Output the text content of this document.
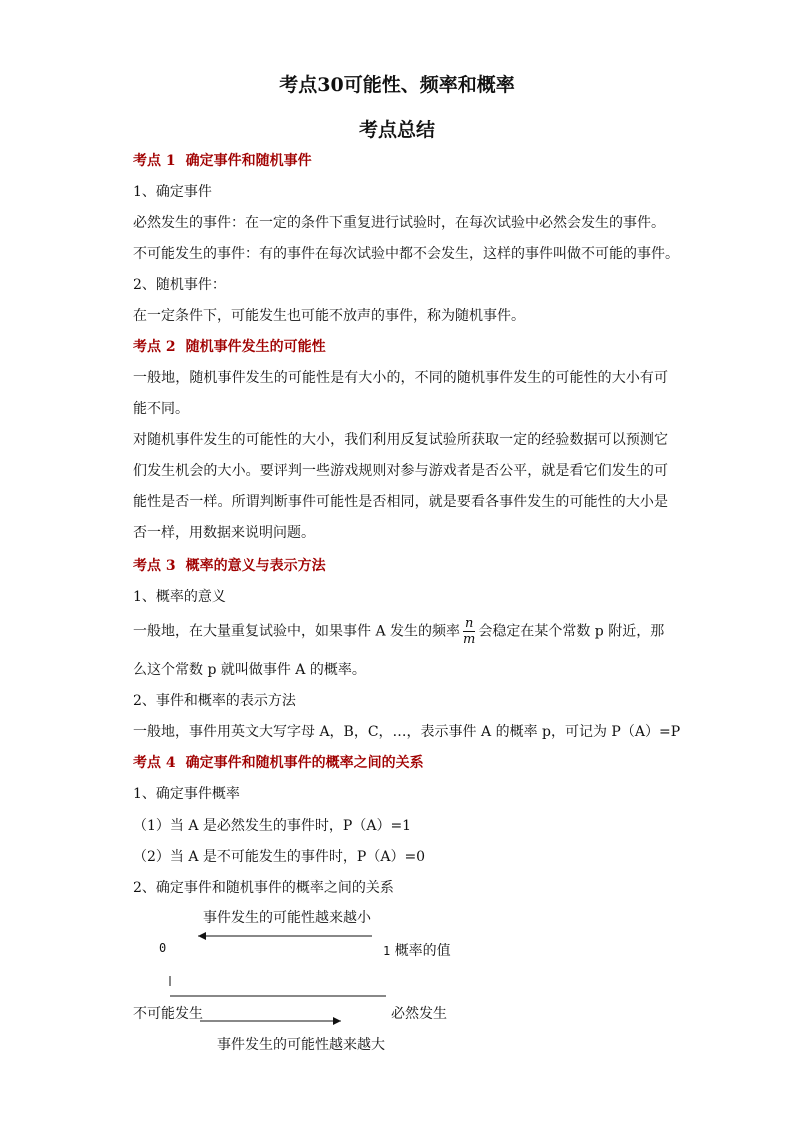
考点30可能性、频率和概率
考点总结
考点 1 确定事件和随机事件
1、确定事件
必然发生的事件：在一定的条件下重复进行试验时，在每次试验中必然会发生的事件。
不可能发生的事件：有的事件在每次试验中都不会发生，这样的事件叫做不可能的事件。
2、随机事件：
在一定条件下，可能发生也可能不放声的事件，称为随机事件。
考点 2 随机事件发生的可能性
一般地，随机事件发生的可能性是有大小的，不同的随机事件发生的可能性的大小有可能不同。
对随机事件发生的可能性的大小，我们利用反复试验所获取一定的经验数据可以预测它们发生机会的大小。要评判一些游戏规则对参与游戏者是否公平，就是看它们发生的可能性是否一样。所谓判断事件可能性是否相同，就是要看各事件发生的可能性的大小是否一样，用数据来说明问题。
考点 3 概率的意义与表示方法
1、概率的意义
一般地，在大量重复试验中，如果事件 A 发生的频率 $\frac{n}{m}$ 会稳定在某个常数 p 附近，那
么这个常数 p 就叫做事件 A 的概率。
2、事件和概率的表示方法
一般地，事件用英文大写字母 A，B，C，…，表示事件 A 的概率 p，可记为 P（A）=P
考点 4 确定事件和随机事件的概率之间的关系
1、确定事件概率
（1）当 A 是必然发生的事件时，P（A）=1
（2）当 A 是不可能发生的事件时，P（A）=0
2、确定事件和随机事件的概率之间的关系
事件发生的可能性越来越小
0	1 概率的值
不可能发生	必然发生
事件发生的可能性越来越大
